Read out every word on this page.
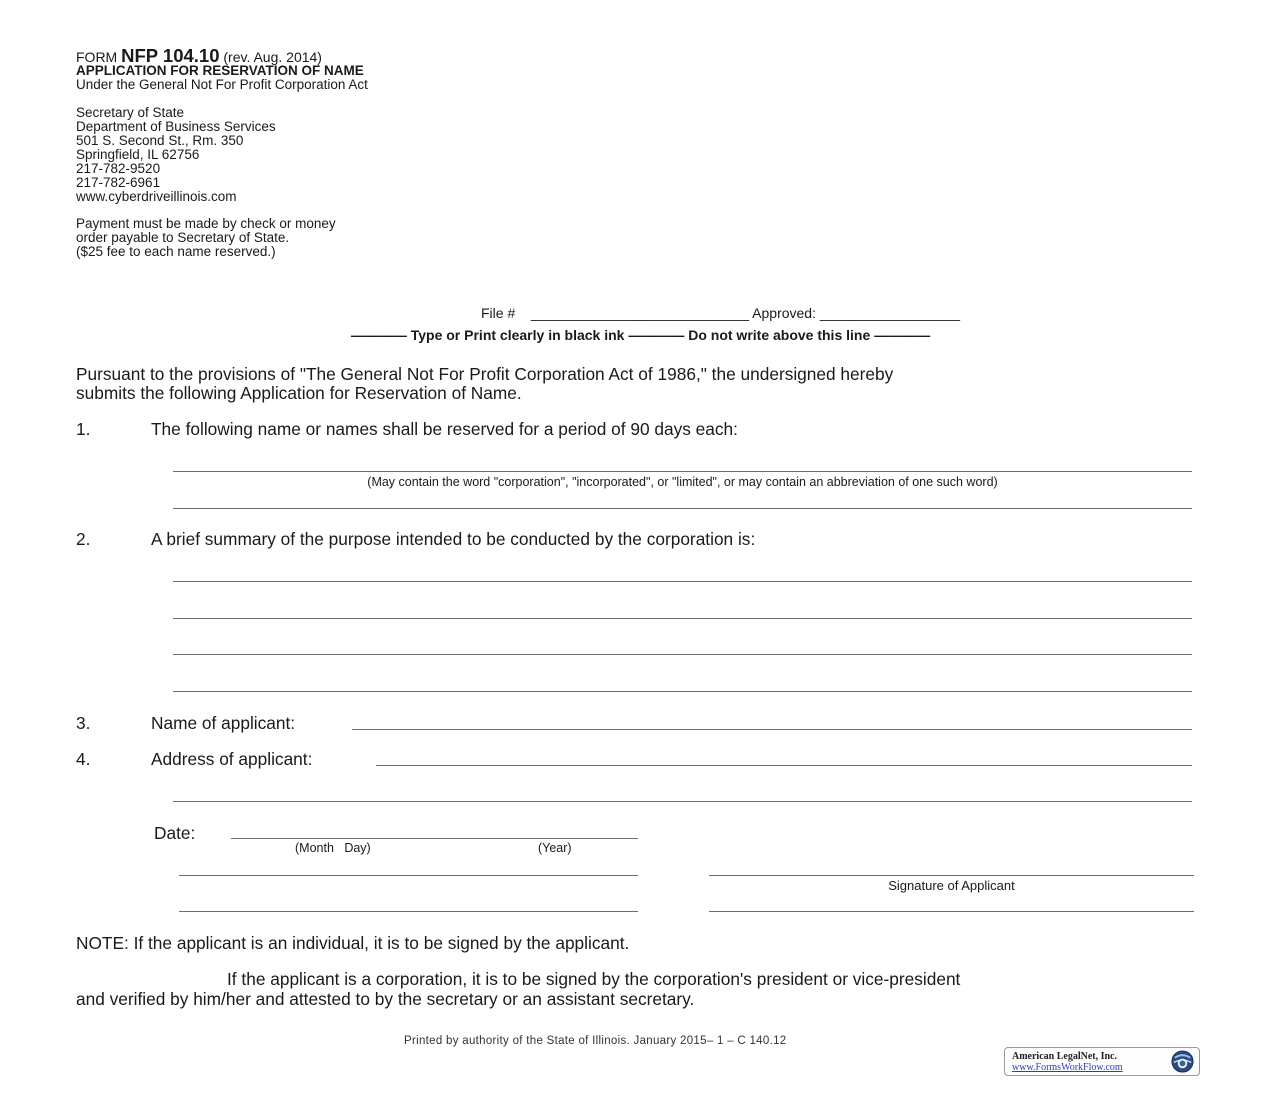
FORM NFP 104.10 (rev. Aug. 2014)
APPLICATION FOR RESERVATION OF NAME
Under the General Not For Profit Corporation Act
Secretary of State
Department of Business Services
501 S. Second St., Rm. 350
Springfield, IL 62756
217-782-9520
217-782-6961
www.cyberdriveillinois.com
Payment must be made by check or money
order payable to Secretary of State.
($25 fee to each name reserved.)
File # ____________________________ Approved: __________________
———— Type or Print clearly in black ink ———— Do not write above this line ————
Pursuant to the provisions of "The General Not For Profit Corporation Act of 1986," the undersigned hereby
submits the following Application for Reservation of Name.
1.	The following name or names shall be reserved for a period of 90 days each:
(May contain the word "corporation", "incorporated", or "limited", or may contain an abbreviation of one such word)
2.	A brief summary of the purpose intended to be conducted by the corporation is:
3.	Name of applicant:
4.	Address of applicant:
Date:
(Month   Day)	(Year)
Signature of Applicant
NOTE: If the applicant is an individual, it is to be signed by the applicant.
If the applicant is a corporation, it is to be signed by the corporation's president or vice-president
and verified by him/her and attested to by the secretary or an assistant secretary.
Printed by authority of the State of Illinois. January 2015– 1 – C 140.12
American LegalNet, Inc.
www.FormsWorkFlow.com
